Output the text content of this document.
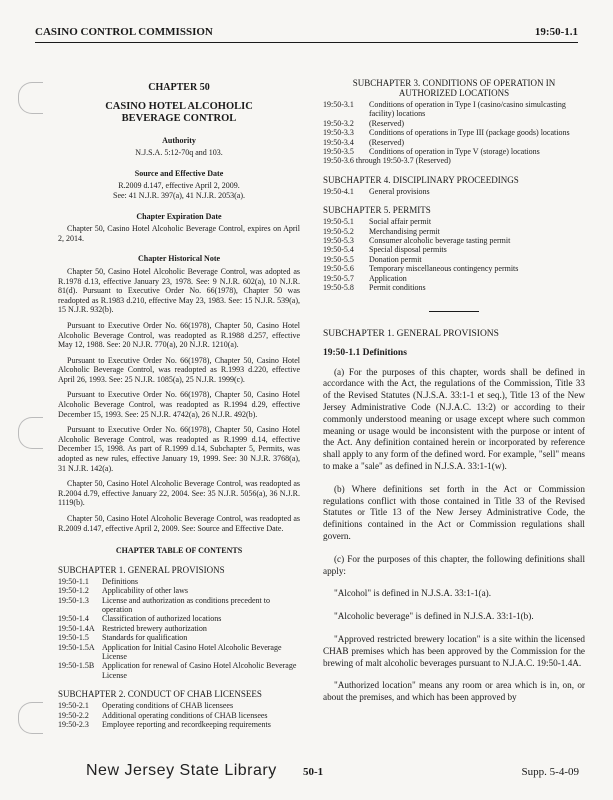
CASINO CONTROL COMMISSION	19:50-1.1
CHAPTER 50
CASINO HOTEL ALCOHOLIC
BEVERAGE CONTROL
Authority
N.J.S.A. 5:12-70q and 103.
Source and Effective Date
R.2009 d.147, effective April 2, 2009.
See: 41 N.J.R. 397(a), 41 N.J.R. 2053(a).
Chapter Expiration Date

Chapter 50, Casino Hotel Alcoholic Beverage Control, expires on April 2, 2014.

Chapter Historical Note

Chapter 50, Casino Hotel Alcoholic Beverage Control, was adopted as R.1978 d.13, effective January 23, 1978. See: 9 N.J.R. 602(a), 10 N.J.R. 81(d). Pursuant to Executive Order No. 66(1978), Chapter 50 was readopted as R.1983 d.210, effective May 23, 1983. See: 15 N.J.R. 539(a), 15 N.J.R. 932(b).

Pursuant to Executive Order No. 66(1978), Chapter 50, Casino Hotel Alcoholic Beverage Control, was readopted as R.1988 d.257, effective May 12, 1988. See: 20 N.J.R. 770(a), 20 N.J.R. 1210(a).

Pursuant to Executive Order No. 66(1978), Chapter 50, Casino Hotel Alcoholic Beverage Control, was readopted as R.1993 d.220, effective April 26, 1993. See: 25 N.J.R. 1085(a), 25 N.J.R. 1999(c).

Pursuant to Executive Order No. 66(1978), Chapter 50, Casino Hotel Alcoholic Beverage Control, was readopted as R.1994 d.29, effective December 15, 1993. See: 25 N.J.R. 4742(a), 26 N.J.R. 492(b).

Pursuant to Executive Order No. 66(1978), Chapter 50, Casino Hotel Alcoholic Beverage Control, was readopted as R.1999 d.14, effective December 15, 1998. As part of R.1999 d.14, Subchapter 5, Permits, was adopted as new rules, effective January 19, 1999. See: 30 N.J.R. 3768(a), 31 N.J.R. 142(a).

Chapter 50, Casino Hotel Alcoholic Beverage Control, was readopted as R.2004 d.79, effective January 22, 2004. See: 35 N.J.R. 5056(a), 36 N.J.R. 1119(b).

Chapter 50, Casino Hotel Alcoholic Beverage Control, was readopted as R.2009 d.147, effective April 2, 2009. See: Source and Effective Date.

CHAPTER TABLE OF CONTENTS
SUBCHAPTER 1. GENERAL PROVISIONS
19:50-1.1	Definitions
19:50-1.2	Applicability of other laws
19:50-1.3	License and authorization as conditions precedent to operation
19:50-1.4	Classification of authorized locations
19:50-1.4A	Restricted brewery authorization
19:50-1.5	Standards for qualification
19:50-1.5A	Application for Initial Casino Hotel Alcoholic Beverage License
19:50-1.5B	Application for renewal of Casino Hotel Alcoholic Beverage License
SUBCHAPTER 2. CONDUCT OF CHAB LICENSEES
19:50-2.1	Operating conditions of CHAB licensees
19:50-2.2	Additional operating conditions of CHAB licensees
19:50-2.3	Employee reporting and recordkeeping requirements
SUBCHAPTER 3. CONDITIONS OF OPERATION IN
AUTHORIZED LOCATIONS
19:50-3.1	Conditions of operation in Type I (casino/casino simulcasting facility) locations
19:50-3.2	(Reserved)
19:50-3.3	Conditions of operations in Type III (package goods) locations
19:50-3.4	(Reserved)
19:50-3.5	Conditions of operation in Type V (storage) locations
19:50-3.6 through 19:50-3.7 (Reserved)
SUBCHAPTER 4. DISCIPLINARY PROCEEDINGS
19:50-4.1	General provisions
SUBCHAPTER 5. PERMITS
19:50-5.1	Social affair permit
19:50-5.2	Merchandising permit
19:50-5.3	Consumer alcoholic beverage tasting permit
19:50-5.4	Special disposal permits
19:50-5.5	Donation permit
19:50-5.6	Temporary miscellaneous contingency permits
19:50-5.7	Application
19:50-5.8	Permit conditions
SUBCHAPTER 1. GENERAL PROVISIONS
19:50-1.1 Definitions

(a) For the purposes of this chapter, words shall be defined in accordance with the Act, the regulations of the Commission, Title 33 of the Revised Statutes (N.J.S.A. 33:1-1 et seq.), Title 13 of the New Jersey Administrative Code (N.J.A.C. 13:2) or according to their commonly understood meaning or usage except where such common meaning or usage would be inconsistent with the purpose or intent of the Act. Any definition contained herein or incorporated by reference shall apply to any form of the defined word. For example, "sell" means to make a "sale" as defined in N.J.S.A. 33:1-1(w).

(b) Where definitions set forth in the Act or Commission regulations conflict with those contained in Title 33 of the Revised Statutes or Title 13 of the New Jersey Administrative Code, the definitions contained in the Act or Commission regulations shall govern.

(c) For the purposes of this chapter, the following definitions shall apply:

"Alcohol" is defined in N.J.S.A. 33:1-1(a).

"Alcoholic beverage" is defined in N.J.S.A. 33:1-1(b).

"Approved restricted brewery location" is a site within the licensed CHAB premises which has been approved by the Commission for the brewing of malt alcoholic beverages pursuant to N.J.A.C. 19:50-1.4A.

"Authorized location" means any room or area which is in, on, or about the premises, and which has been approved by

New Jersey State Library 50-1	Supp. 5-4-09
